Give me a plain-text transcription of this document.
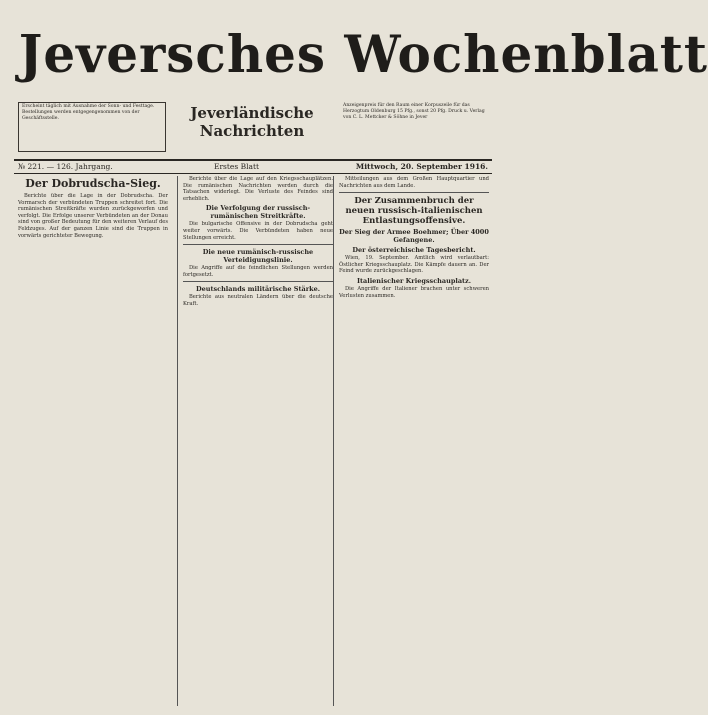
Jeversches Wochenblatt
Erscheint täglich mit Ausnahme der Sonn- und Festtage. Bestellungen werden entgegengenommen von der Geschäftsstelle.	Jeverländische Nachrichten
Anzeigenpreis für den Raum einer Korpuszeile für das Herzogtum Oldenburg 15 Pfg., sonst 20 Pfg. Druck u. Verlag von C. L. Mettcker & Söhne in Jever
№ 221. — 126. Jahrgang.	Erstes Blatt	Mittwoch, 20. September 1916.
Der Dobrudscha-Sieg.

Berichte über die Lage in der Dobrudscha. Der Vormarsch der verbündeten Truppen schreitet fort. Die rumänischen Streitkräfte wurden zurückgeworfen und verfolgt. Die Erfolge unserer Verbündeten an der Donau sind von großer Bedeutung für den weiteren Verlauf des Feldzuges. Auf der ganzen Linie sind die Truppen in vorwärts gerichteter Bewegung.

Berichte über die Lage auf den Kriegsschauplätzen. Die rumänischen Nachrichten werden durch die Tatsachen widerlegt. Die Verluste des Feindes sind erheblich.

Die Verfolgung der russisch-rumänischen Streitkräfte.

Die bulgarische Offensive in der Dobrudscha geht weiter vorwärts. Die Verbündeten haben neue Stellungen erreicht.

Die neue rumänisch-russische Verteidigungslinie.

Die Angriffe auf die feindlichen Stellungen werden fortgesetzt.

Deutschlands militärische Stärke.

Berichte aus neutralen Ländern über die deutsche Kraft.

Mitteilungen aus dem Großen Hauptquartier und Nachrichten aus dem Lande.

Der Zusammenbruch der neuen russisch-italienischen Entlastungsoffensive.
Der Sieg der Armee Boehmer; Über 4000 Gefangene.
Der österreichische Tagesbericht.

Wien, 19. September. Amtlich wird verlautbart: Östlicher Kriegsschauplatz. Die Kämpfe dauern an. Der Feind wurde zurückgeschlagen.

Italienischer Kriegsschauplatz.

Die Angriffe der Italiener brachen unter schweren Verlusten zusammen.
